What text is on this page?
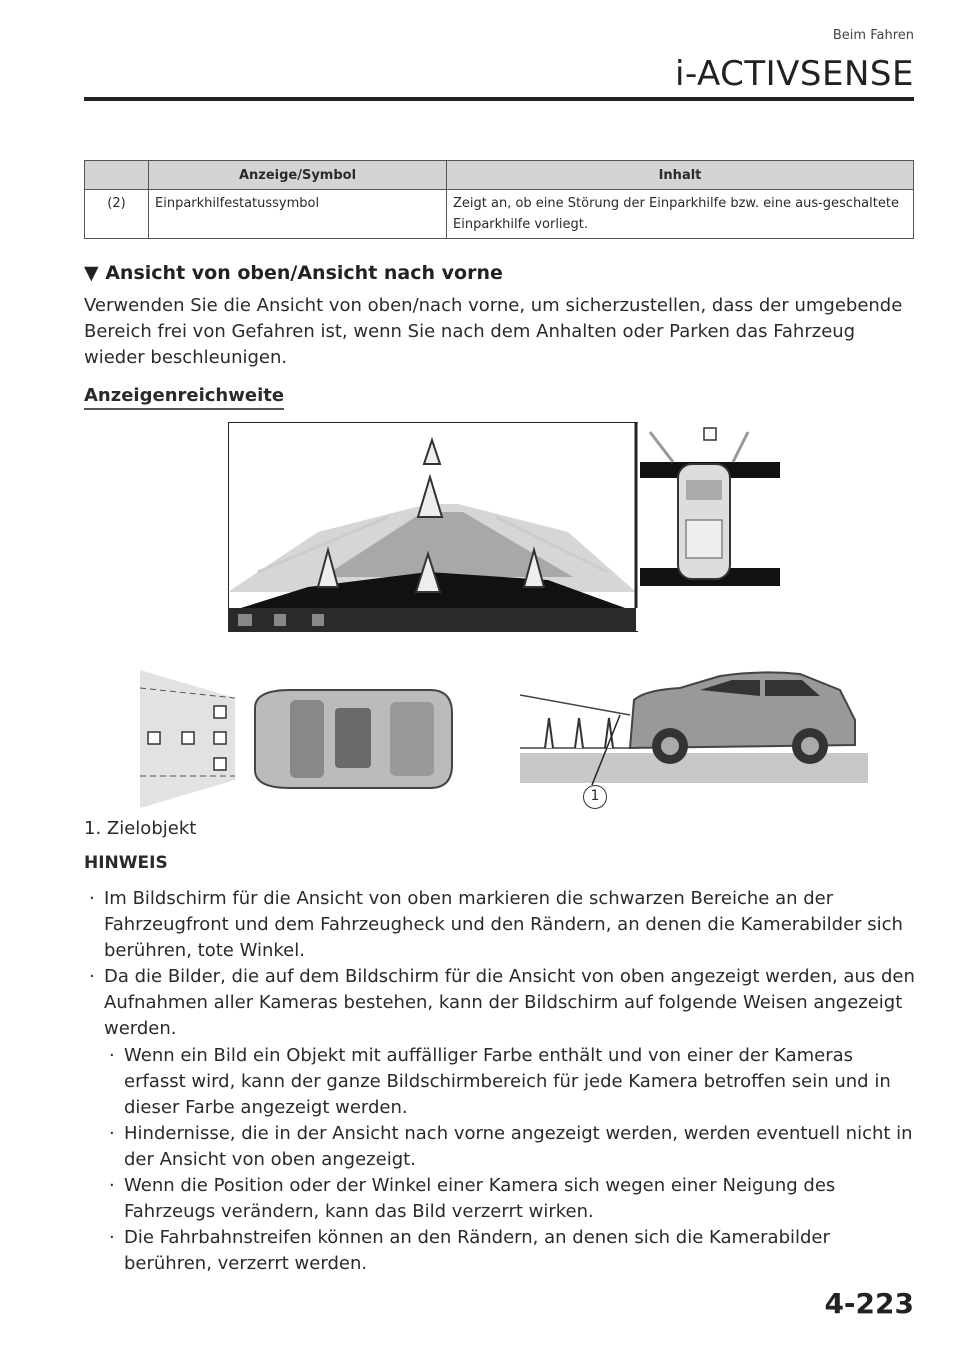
Beim Fahren
i-ACTIVSENSE
	Anzeige/Symbol	Inhalt
(2)	Einparkhilfestatussymbol	Zeigt an, ob eine Störung der Einparkhilfe bzw. eine aus-geschaltete Einparkhilfe vorliegt.
▼ Ansicht von oben/Ansicht nach vorne

Verwenden Sie die Ansicht von oben/nach vorne, um sicherzustellen, dass der umgebende Bereich frei von Gefahren ist, wenn Sie nach dem Anhalten oder Parken das Fahrzeug wieder beschleunigen.

Anzeigenreichweite
1
1. Zielobjekt
HINWEIS
· Im Bildschirm für die Ansicht von oben markieren die schwarzen Bereiche an der Fahrzeugfront und dem Fahrzeugheck und den Rändern, an denen die Kamerabilder sich berühren, tote Winkel.
· Da die Bilder, die auf dem Bildschirm für die Ansicht von oben angezeigt werden, aus den Aufnahmen aller Kameras bestehen, kann der Bildschirm auf folgende Weisen angezeigt werden.
· Wenn ein Bild ein Objekt mit auffälliger Farbe enthält und von einer der Kameras erfasst wird, kann der ganze Bildschirmbereich für jede Kamera betroffen sein und in dieser Farbe angezeigt werden.
· Hindernisse, die in der Ansicht nach vorne angezeigt werden, werden eventuell nicht in der Ansicht von oben angezeigt.
· Wenn die Position oder der Winkel einer Kamera sich wegen einer Neigung des Fahrzeugs verändern, kann das Bild verzerrt wirken.
· Die Fahrbahnstreifen können an den Rändern, an denen sich die Kamerabilder berühren, verzerrt werden.
4-223
